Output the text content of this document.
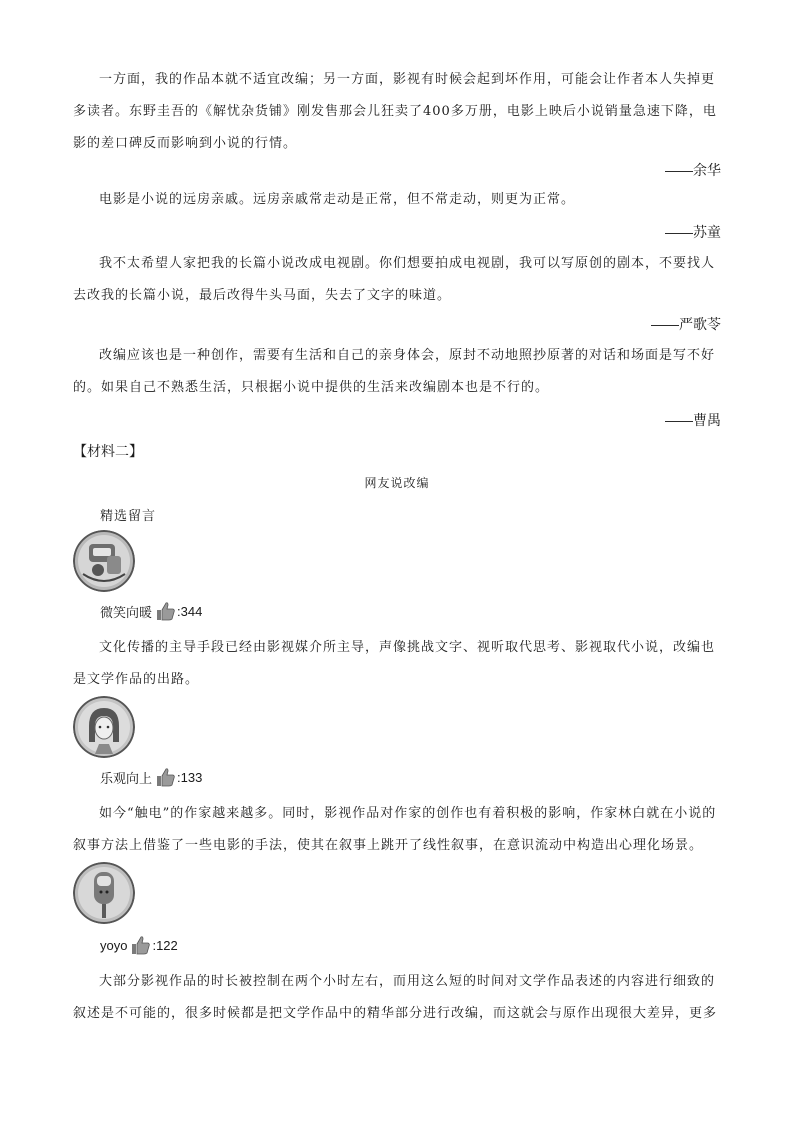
一方面，我的作品本就不适宜改编；另一方面，影视有时候会起到坏作用，可能会让作者本人失掉更多读者。东野圭吾的《解忧杂货铺》刚发售那会儿狂卖了400多万册，电影上映后小说销量急速下降，电影的差口碑反而影响到小说的行情。

——余华

电影是小说的远房亲戚。远房亲戚常走动是正常，但不常走动，则更为正常。

——苏童

我不太希望人家把我的长篇小说改成电视剧。你们想要拍成电视剧，我可以写原创的剧本，不要找人去改我的长篇小说，最后改得牛头马面，失去了文字的味道。

——严歌苓

改编应该也是一种创作，需要有生活和自己的亲身体会，原封不动地照抄原著的对话和场面是写不好的。如果自己不熟悉生活，只根据小说中提供的生活来改编剧本也是不行的。

——曹禺
【材料二】
网友说改编
精选留言
微笑向暖 :344

文化传播的主导手段已经由影视媒介所主导，声像挑战文字、视听取代思考、影视取代小说，改编也是文学作品的出路。

乐观向上 :133

如今“触电”的作家越来越多。同时，影视作品对作家的创作也有着积极的影响，作家林白就在小说的叙事方法上借鉴了一些电影的手法，使其在叙事上跳开了线性叙事，在意识流动中构造出心理化场景。

yoyo :122

大部分影视作品的时长被控制在两个小时左右，而用这么短的时间对文学作品表述的内容进行细致的叙述是不可能的，很多时候都是把文学作品中的精华部分进行改编，而这就会与原作出现很大差异，更多
